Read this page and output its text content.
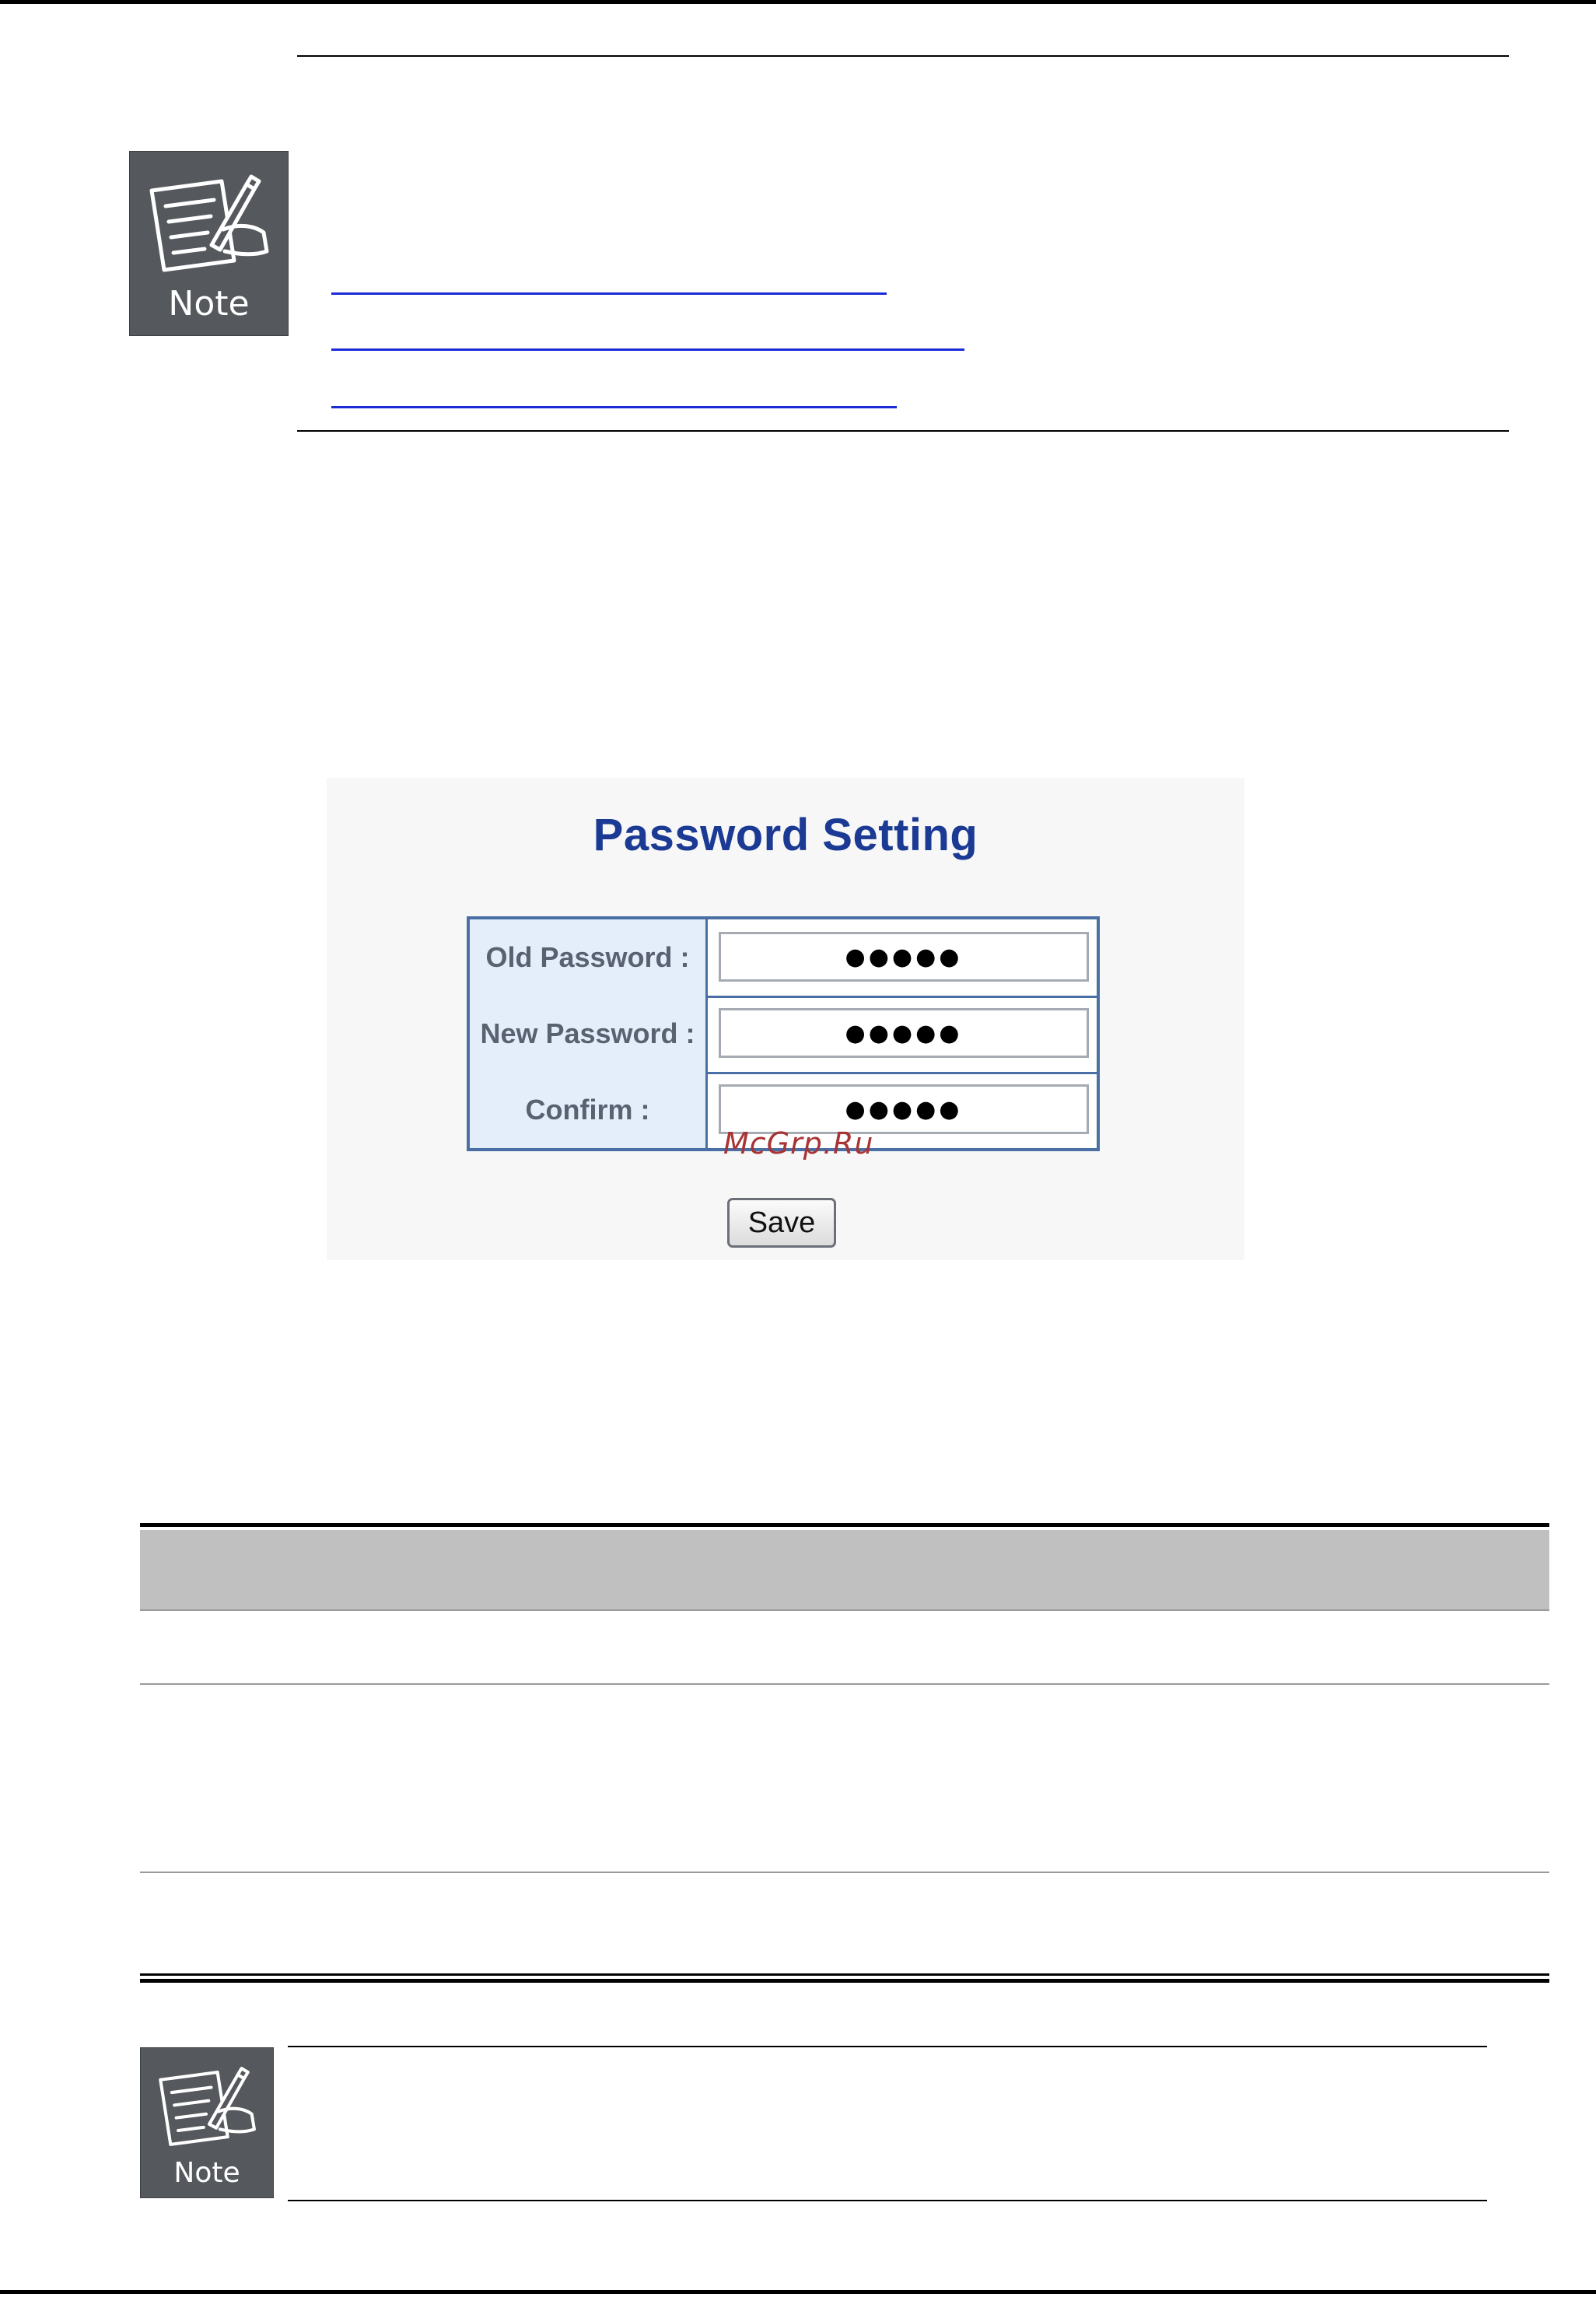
Note
Password Setting
Old Password :	●●●●●
New Password :	●●●●●
Confirm :	●●●●●
Save
McGrp.Ru
Note
